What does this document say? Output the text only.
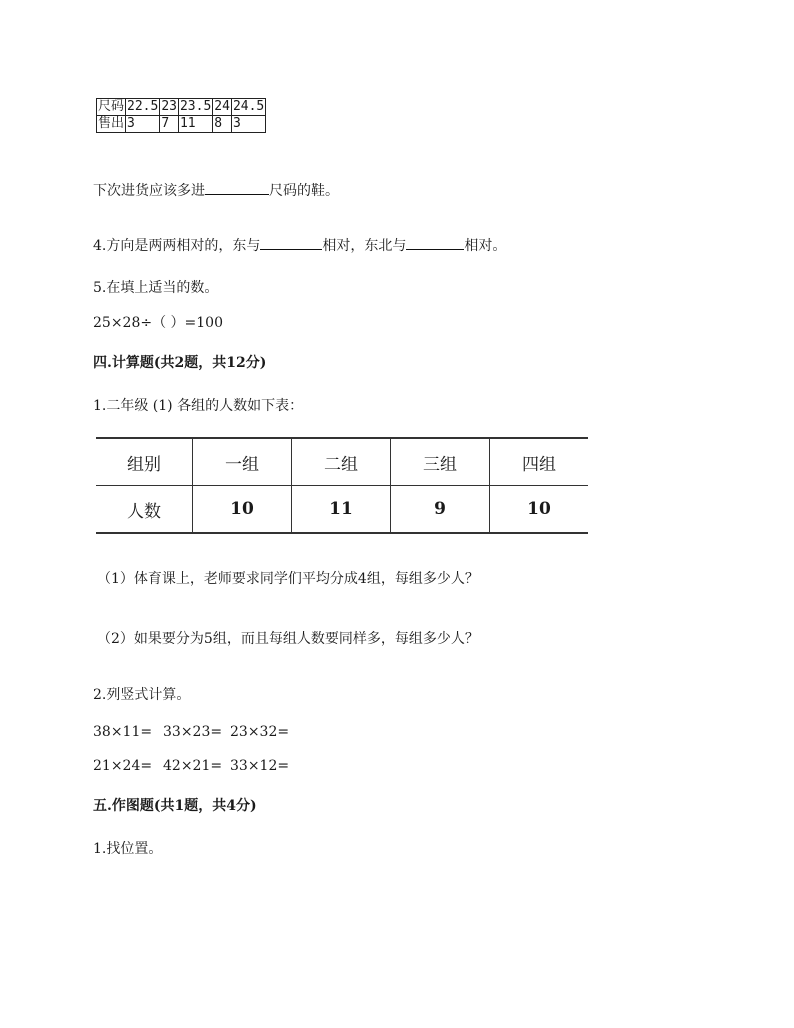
尺码	22.5	23	23.5	24	24.5
售出	3	7	11	8	3
下次进货应该多进	尺码的鞋。
4.方向是两两相对的，东与	相对，东北与	相对。
5.在填上适当的数。
25×28÷（ ）=100
四.计算题(共2题，共12分)
1.二年级 (1) 各组的人数如下表：
组别	一组	二组	三组	四组
人数	10	11	9	10
（1）体育课上，老师要求同学们平均分成4组，每组多少人？
（2）如果要分为5组，而且每组人数要同样多，每组多少人？
2.列竖式计算。
38×11= 33×23= 23×32=
21×24= 42×21= 33×12=
五.作图题(共1题，共4分)
1.找位置。
